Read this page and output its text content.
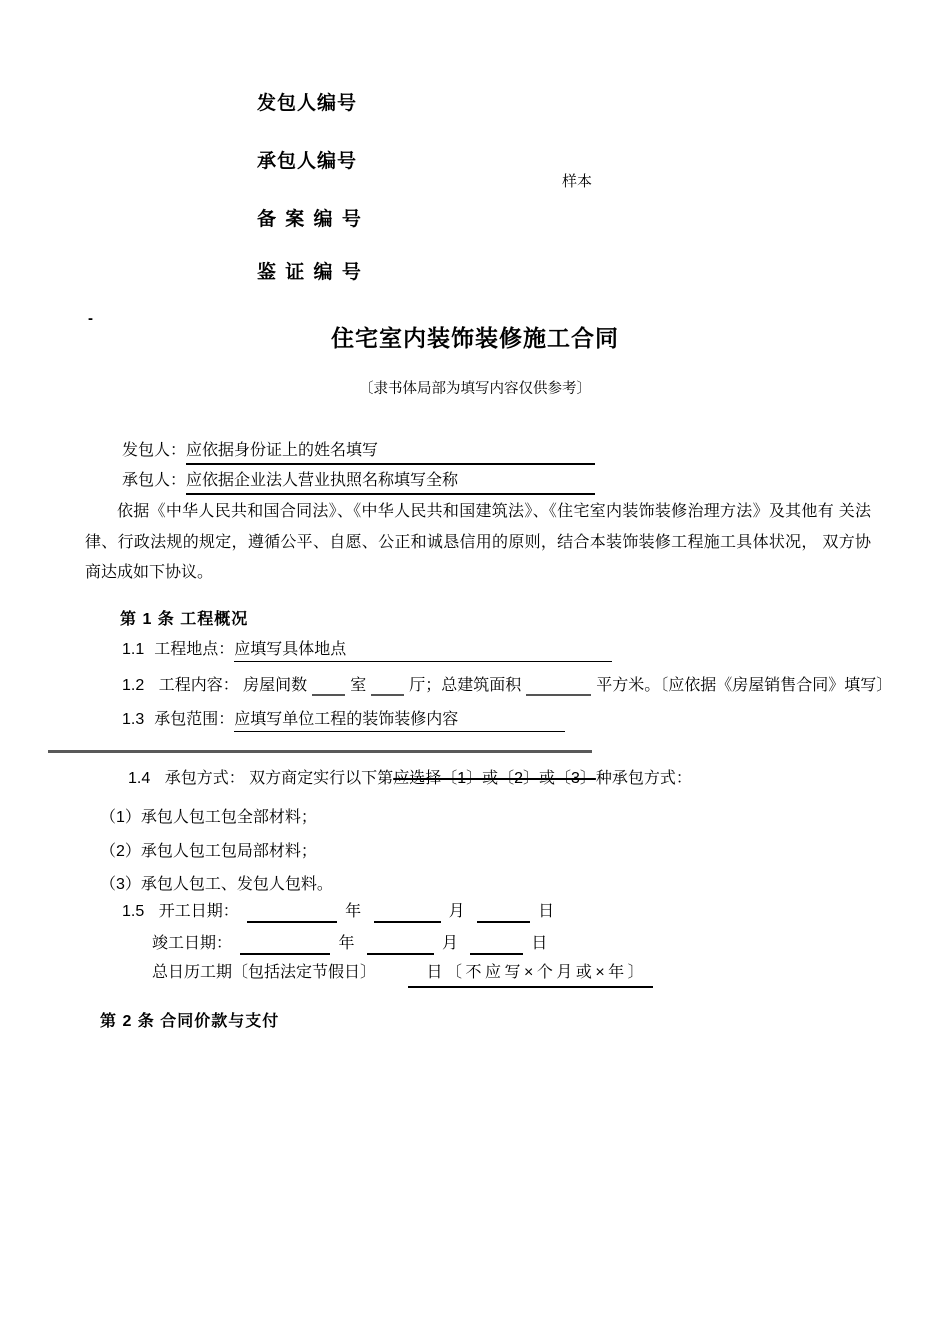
发包人编号
承包人编号
样本
备 案 编 号
鉴 证 编 号
-
住宅室内装饰装修施工合同
〔隶书体局部为填写内容仅供参考〕
发包人： 应依据身份证上的姓名填写
承包人： 应依据企业法人营业执照名称填写全称

依据《中华人民共和国合同法》、《中华人民共和国建筑法》、《住宅室内装饰装修治理方法》及其他有 关法律、行政法规的规定，遵循公平、自愿、公正和诚恳信用的原则，结合本装饰装修工程施工具体状况， 双方协商达成如下协议。

第 1 条 工程概况
1.1 工程地点： 应填写具体地点
1.2 工程内容： 房屋间数	室	厅；总建筑面积	平方米。〔应依据《房屋销售合同》填写〕
1.3 承包范围： 应填写单位工程的装饰装修内容
1.4 承包方式： 双方商定实行以下第应选择〔1〕或〔2〕或〔3〕种承包方式：
（1）承包人包工包全部材料；
（2）承包人包工包局部材料；
（3）承包人包工、发包人包料。
1.5 开工日期：	年	月	日
竣工日期：	年	月	日
总日历工期〔包括法定节假日〕	日〔不应写×个月或×年〕
第 2 条 合同价款与支付
